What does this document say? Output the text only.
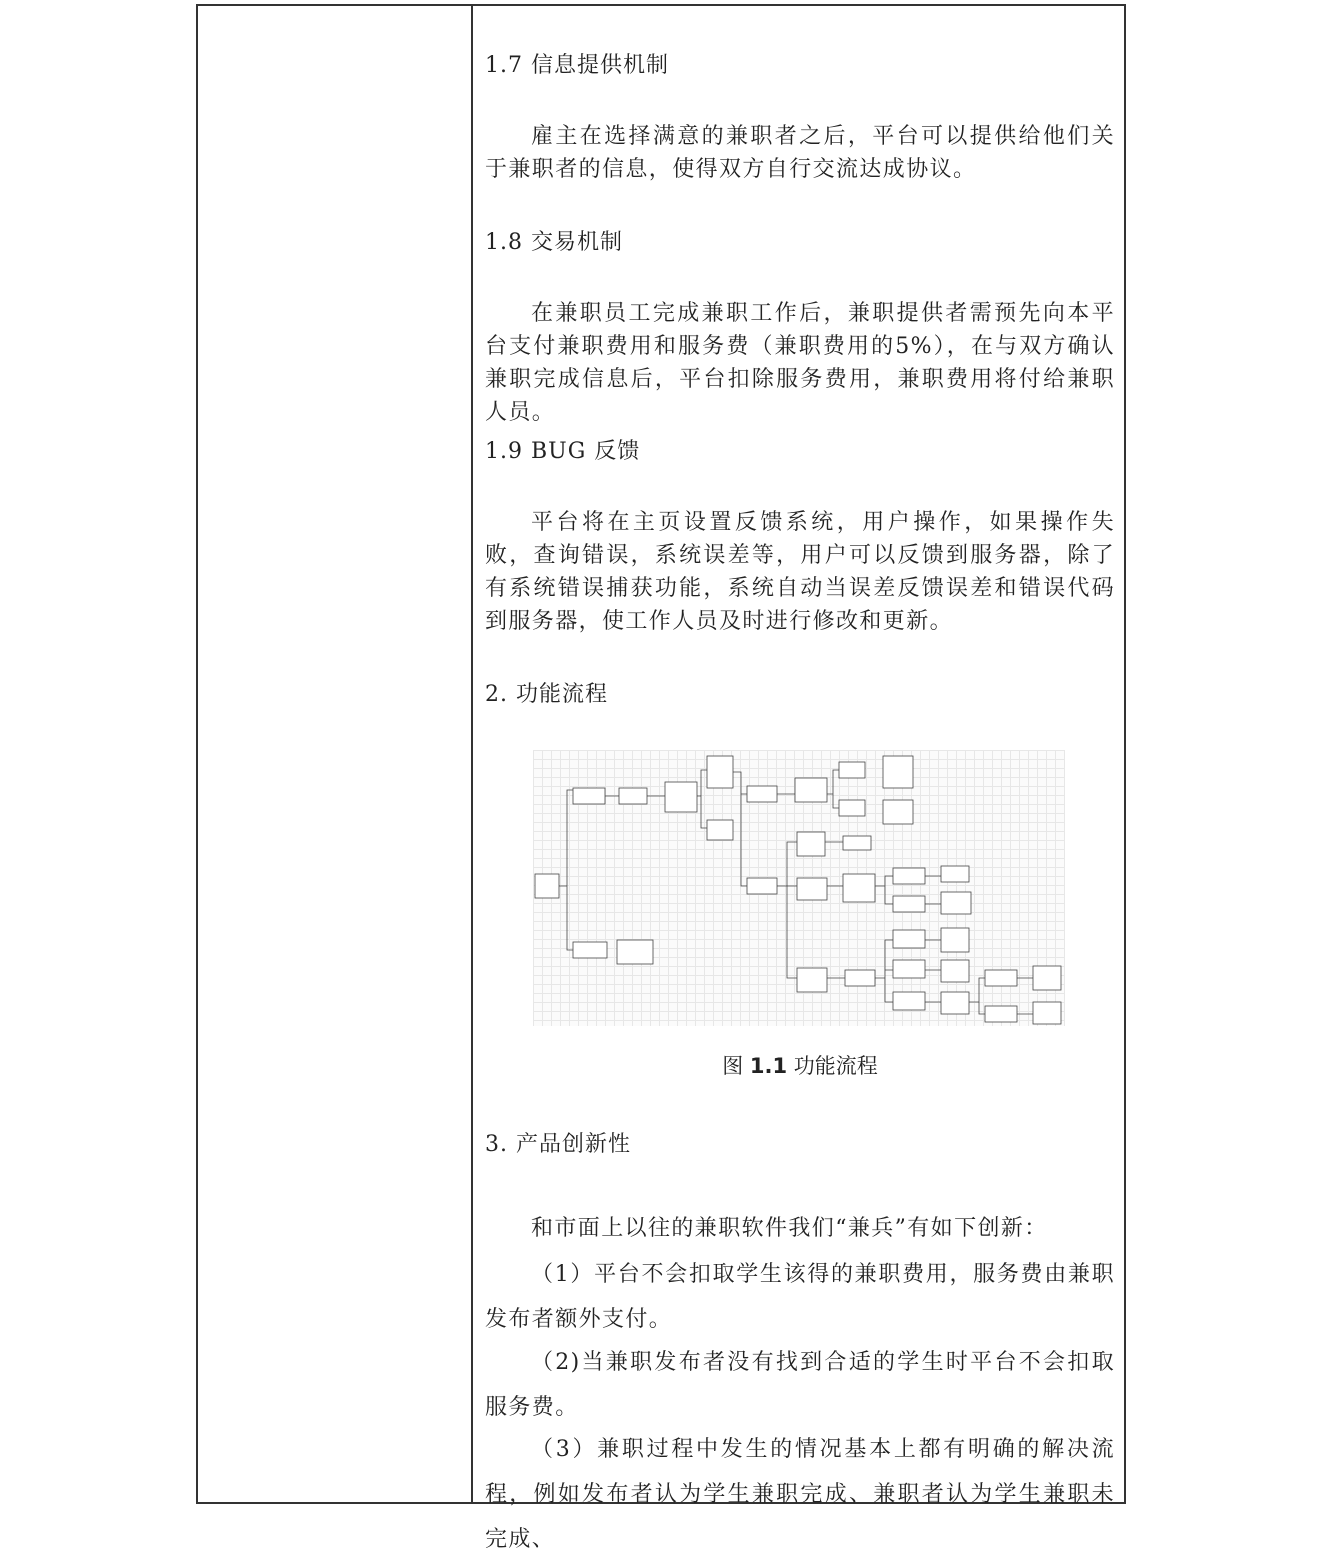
1.7 信息提供机制
雇主在选择满意的兼职者之后，平台可以提供给他们关于兼职者的信息，使得双方自行交流达成协议。
1.8 交易机制
在兼职员工完成兼职工作后，兼职提供者需预先向本平台支付兼职费用和服务费（兼职费用的5%），在与双方确认兼职完成信息后，平台扣除服务费用，兼职费用将付给兼职人员。
1.9 BUG 反馈
平台将在主页设置反馈系统，用户操作，如果操作失败，查询错误，系统误差等，用户可以反馈到服务器，除了有系统错误捕获功能，系统自动当误差反馈误差和错误代码到服务器，使工作人员及时进行修改和更新。
2. 功能流程
图 1.1 功能流程
3. 产品创新性
和市面上以往的兼职软件我们“兼兵”有如下创新：
（1）平台不会扣取学生该得的兼职费用，服务费由兼职发布者额外支付。
（2)当兼职发布者没有找到合适的学生时平台不会扣取服务费。
（3）兼职过程中发生的情况基本上都有明确的解决流程，例如发布者认为学生兼职完成、兼职者认为学生兼职未完成、
